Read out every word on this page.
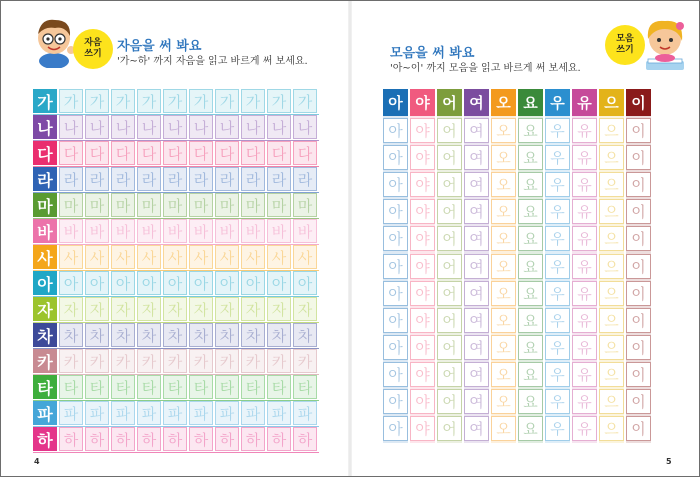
자음
쓰기 자음을 써 봐요
'가~하' 까지 자음을 읽고 바르게 써 보세요.
가 가 가 가 가 가 가 가 가 가 가
나 나 나 나 나 나 나 나 나 나 나
다 다 다 다 다 다 다 다 다 다 다
라 라 라 라 라 라 라 라 라 라 라
마 마 마 마 마 마 마 마 마 마 마
바 바 바 바 바 바 바 바 바 바 바
사 사 사 사 사 사 사 사 사 사 사
아 아 아 아 아 아 아 아 아 아 아
자 자 자 자 자 자 자 자 자 자 자
차 차 차 차 차 차 차 차 차 차 차
카 카 카 카 카 카 카 카 카 카 카
타 타 타 타 타 타 타 타 타 타 타
파 파 파 파 파 파 파 파 파 파 파
하 하 하 하 하 하 하 하 하 하 하
4
모음을 써 봐요
'아~이' 까지 모음을 읽고 바르게 써 보세요.
모음
쓰기
아
아
아
아
아
아
아
아
아
아
아
아
아
야
야
야
야
야
야
야
야
야
야
야
야
야
어
어
어
어
어
어
어
어
어
어
어
어
어
여
여
여
여
여
여
여
여
여
여
여
여
여
오
오
오
오
오
오
오
오
오
오
오
오
오
요
요
요
요
요
요
요
요
요
요
요
요
요
우
우
우
우
우
우
우
우
우
우
우
우
우
유
유
유
유
유
유
유
유
유
유
유
유
유
으
으
으
으
으
으
으
으
으
으
으
으
으
이
이
이
이
이
이
이
이
이
이
이
이
이
5
